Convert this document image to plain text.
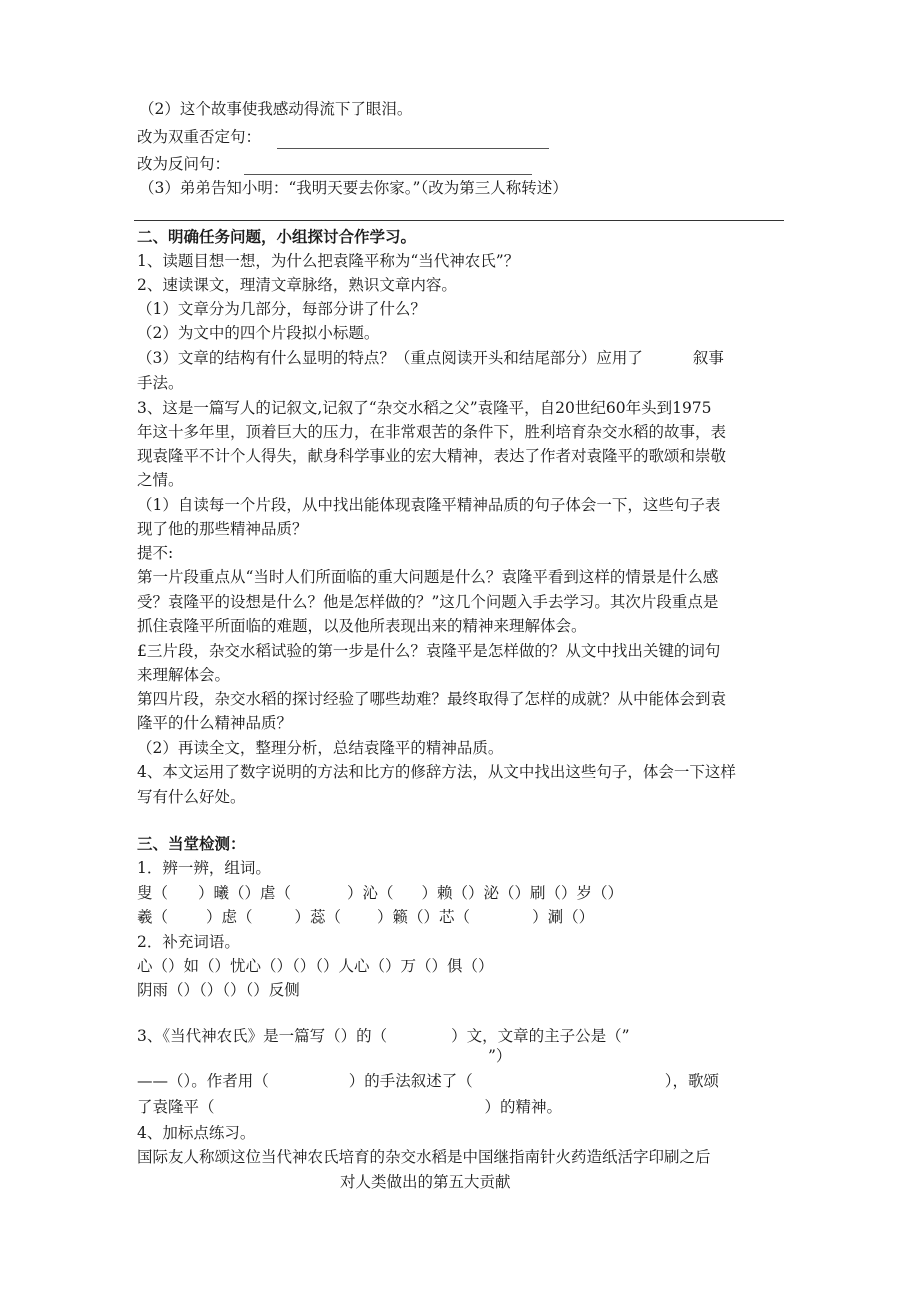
（2）这个故事使我感动得流下了眼泪。
改为双重否定句：
改为反问句：
（3）弟弟告知小明：“我明天要去你家。”（改为第三人称转述）
二、明确任务问题，小组探讨合作学习。
1、读题目想一想，为什么把袁隆平称为“当代神农氏”？
2、速读课文，理清文章脉络，熟识文章内容。
（1）文章分为几部分，每部分讲了什么？
（2）为文中的四个片段拟小标题。
（3）文章的结构有什么显明的特点？（重点阅读开头和结尾部分）应用了	叙事
手法。
3、这是一篇写人的记叙文,记叙了“杂交水稻之父”袁隆平，自20世纪60年头到1975
年这十多年里，顶着巨大的压力，在非常艰苦的条件下，胜利培育杂交水稻的故事，表
现袁隆平不计个人得失，献身科学事业的宏大精神，表达了作者对袁隆平的歌颂和崇敬
之情。
（1）自读每一个片段，从中找出能体现袁隆平精神品质的句子体会一下，这些句子表
现了他的那些精神品质？
提不:
第一片段重点从“当时人们所面临的重大问题是什么？袁隆平看到这样的情景是什么感
受？袁隆平的设想是什么？他是怎样做的？”这几个问题入手去学习。其次片段重点是
抓住袁隆平所面临的难题，以及他所表现出来的精神来理解体会。
£三片段，杂交水稻试验的第一步是什么？袁隆平是怎样做的？从文中找出关键的词句
来理解体会。
第四片段，杂交水稻的探讨经验了哪些劫难？最终取得了怎样的成就？从中能体会到袁
隆平的什么精神品质？
（2）再读全文，整理分析，总结袁隆平的精神品质。
4、本文运用了数字说明的方法和比方的修辞方法，从文中找出这些句子，体会一下这样
写有什么好处。
三、当堂检测：
1．辨一辨，组词。
叟（ ）曦（）虐（	）沁（ ）赖（）泌（）刷（）岁（）
羲（ ）虑（	）蕊（ ）籁（）芯（	）涮（）
2．补充词语。
心（）如（）忧心（）（）（）人心（）万（）俱（）
阴雨（）（）（）（）反侧
3、《当代神农氏》是一篇写（）的（	）文，文章的主子公是（”
”）
——（）。作者用（	）的手法叙述了（	），歌颂
了袁隆平（	）的精神。
4、加标点练习。
国际友人称颂这位当代神农氏培育的杂交水稻是中国继指南针火药造纸活字印刷之后
对人类做出的第五大贡献
